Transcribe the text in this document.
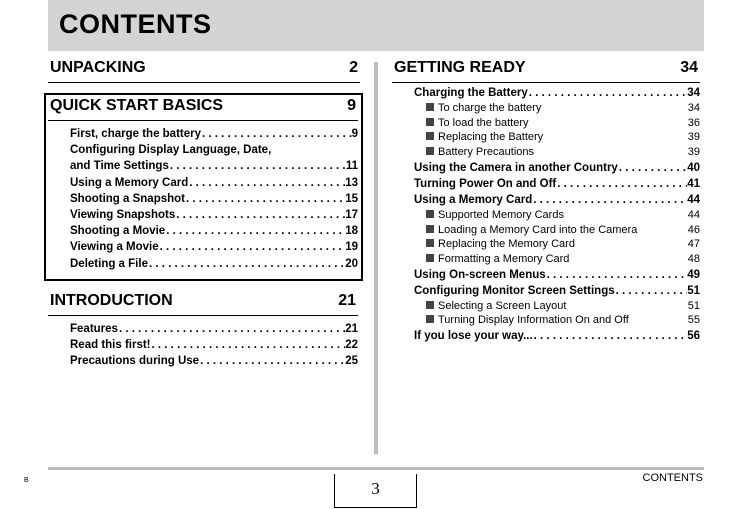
CONTENTS
UNPACKING	2
QUICK START BASICS	9
First, charge the battery . . .	9
Configuring Display Language, Date,
and Time Settings . . .	11
Using a Memory Card . . .	13
Shooting a Snapshot . . .	15
Viewing Snapshots . . .	17
Shooting a Movie . . .	18
Viewing a Movie . . .	19
Deleting a File . . .	20
INTRODUCTION	21
Features . . .	21
Read this first! . . .	22
Precautions during Use . . .	25
GETTING READY	34
Charging the Battery . . .	34
To charge the battery	34
To load the battery	36
Replacing the Battery	39
Battery Precautions	39
Using the Camera in another Country . . .	40
Turning Power On and Off . . .	41
Using a Memory Card . . .	44
Supported Memory Cards	44
Loading a Memory Card into the Camera	46
Replacing the Memory Card	47
Formatting a Memory Card	48
Using On-screen Menus . . .	49
Configuring Monitor Screen Settings . . .	51
Selecting a Screen Layout	51
Turning Display Information On and Off	55
If you lose your way... . . .	56
3
CONTENTS
B
